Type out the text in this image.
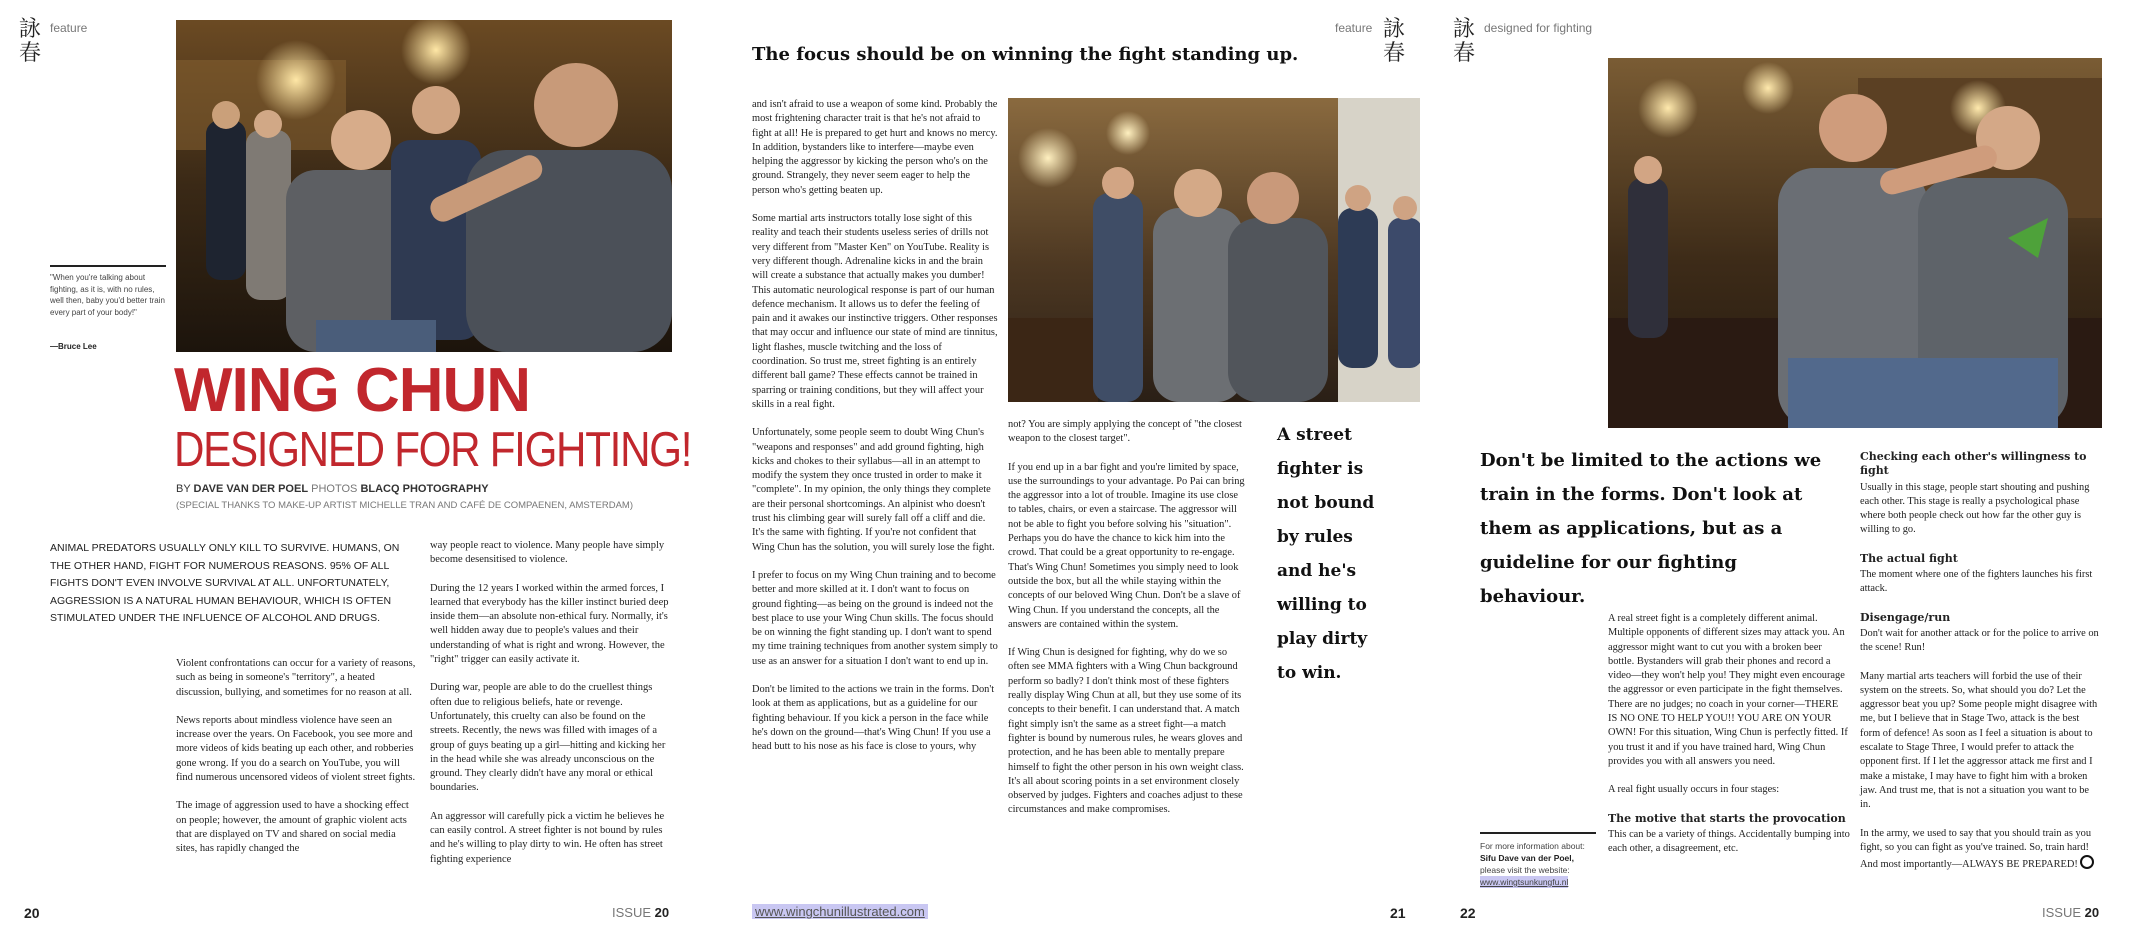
詠
春
feature
"When you're talking about fighting, as it is, with no rules, well then, baby you'd better train every part of your body!"
—Bruce Lee
WING CHUN
DESIGNED FOR FIGHTING!
BY DAVE VAN DER POEL PHOTOS BLACQ PHOTOGRAPHY
(SPECIAL THANKS TO MAKE-UP ARTIST MICHELLE TRAN AND CAFÉ DE COMPAENEN, AMSTERDAM)
ANIMAL PREDATORS USUALLY ONLY KILL TO SURVIVE. HUMANS, ON THE OTHER HAND, FIGHT FOR NUMEROUS REASONS. 95% OF ALL FIGHTS DON'T EVEN INVOLVE SURVIVAL AT ALL. UNFORTUNATELY, AGGRESSION IS A NATURAL HUMAN BEHAVIOUR, WHICH IS OFTEN STIMULATED UNDER THE INFLUENCE OF ALCOHOL AND DRUGS.

Violent confrontations can occur for a variety of reasons, such as being in someone's "territory", a heated discussion, bullying, and sometimes for no reason at all.

News reports about mindless violence have seen an increase over the years. On Facebook, you see more and more videos of kids beating up each other, and robberies gone wrong. If you do a search on YouTube, you will find numerous uncensored videos of violent street fights.

The image of aggression used to have a shocking effect on people; however, the amount of graphic violent acts that are displayed on TV and shared on social media sites, has rapidly changed the

way people react to violence. Many people have simply become desensitised to violence.

During the 12 years I worked within the armed forces, I learned that everybody has the killer instinct buried deep inside them—an absolute non-ethical fury. Normally, it's well hidden away due to people's values and their understanding of what is right and wrong. However, the "right" trigger can easily activate it.

During war, people are able to do the cruellest things often due to religious beliefs, hate or revenge. Unfortunately, this cruelty can also be found on the streets. Recently, the news was filled with images of a group of guys beating up a girl—hitting and kicking her in the head while she was already unconscious on the ground. They clearly didn't have any moral or ethical boundaries.

An aggressor will carefully pick a victim he believes he can easily control. A street fighter is not bound by rules and he's willing to play dirty to win. He often has street fighting experience

20	ISSUE 20
feature 詠
春
The focus should be on winning the fight standing up.

and isn't afraid to use a weapon of some kind. Probably the most frightening character trait is that he's not afraid to fight at all! He is prepared to get hurt and knows no mercy. In addition, bystanders like to interfere—maybe even helping the aggressor by kicking the person who's on the ground. Strangely, they never seem eager to help the person who's getting beaten up.

Some martial arts instructors totally lose sight of this reality and teach their students useless series of drills not very different from "Master Ken" on YouTube. Reality is very different though. Adrenaline kicks in and the brain will create a substance that actually makes you dumber! This automatic neurological response is part of our human defence mechanism. It allows us to defer the feeling of pain and it awakes our instinctive triggers. Other responses that may occur and influence our state of mind are tinnitus, light flashes, muscle twitching and the loss of coordination. So trust me, street fighting is an entirely different ball game? These effects cannot be trained in sparring or training conditions, but they will affect your skills in a real fight.

Unfortunately, some people seem to doubt Wing Chun's "weapons and responses" and add ground fighting, high kicks and chokes to their syllabus—all in an attempt to modify the system they once trusted in order to make it "complete". In my opinion, the only things they complete are their personal shortcomings. An alpinist who doesn't trust his climbing gear will surely fall off a cliff and die. It's the same with fighting. If you're not confident that Wing Chun has the solution, you will surely lose the fight.

I prefer to focus on my Wing Chun training and to become better and more skilled at it. I don't want to focus on ground fighting—as being on the ground is indeed not the best place to use your Wing Chun skills. The focus should be on winning the fight standing up. I don't want to spend my time training techniques from another system simply to use as an answer for a situation I don't want to end up in.

Don't be limited to the actions we train in the forms. Don't look at them as applications, but as a guideline for our fighting behaviour. If you kick a person in the face while he's down on the ground—that's Wing Chun! If you use a head butt to his nose as his face is close to yours, why

not? You are simply applying the concept of "the closest weapon to the closest target".

If you end up in a bar fight and you're limited by space, use the surroundings to your advantage. Po Pai can bring the aggressor into a lot of trouble. Imagine its use close to tables, chairs, or even a staircase. The aggressor will not be able to fight you before solving his "situation". Perhaps you do have the chance to kick him into the crowd. That could be a great opportunity to re-engage. That's Wing Chun! Sometimes you simply need to look outside the box, but all the while staying within the concepts of our beloved Wing Chun. Don't be a slave of Wing Chun. If you understand the concepts, all the answers are contained within the system.

If Wing Chun is designed for fighting, why do we so often see MMA fighters with a Wing Chun background perform so badly? I don't think most of these fighters really display Wing Chun at all, but they use some of its concepts to their benefit. I can understand that. A match fight simply isn't the same as a street fight—a match fighter is bound by numerous rules, he wears gloves and protection, and he has been able to mentally prepare himself to fight the other person in his own weight class. It's all about scoring points in a set environment closely observed by judges. Fighters and coaches adjust to these circumstances and make compromises.

A street fighter is not bound by rules and he's willing to play dirty to win.
www.wingchunillustrated.com	21
詠
春
designed for fighting
Don't be limited to the actions we train in the forms. Don't look at them as applications, but as a guideline for our fighting behaviour.

A real street fight is a completely different animal. Multiple opponents of different sizes may attack you. An aggressor might want to cut you with a broken beer bottle. Bystanders will grab their phones and record a video—they won't help you! They might even encourage the aggressor or even participate in the fight themselves. There are no judges; no coach in your corner—THERE IS NO ONE TO HELP YOU!! YOU ARE ON YOUR OWN! For this situation, Wing Chun is perfectly fitted. If you trust it and if you have trained hard, Wing Chun provides you with all answers you need.

A real fight usually occurs in four stages:

The motive that starts the provocation

This can be a variety of things. Accidentally bumping into each other, a disagreement, etc.

Checking each other's willingness to fight

Usually in this stage, people start shouting and pushing each other. This stage is really a psychological phase where both people check out how far the other guy is willing to go.

The actual fight

The moment where one of the fighters launches his first attack.

Disengage/run

Don't wait for another attack or for the police to arrive on the scene! Run!

Many martial arts teachers will forbid the use of their system on the streets. So, what should you do? Let the aggressor beat you up? Some people might disagree with me, but I believe that in Stage Two, attack is the best form of defence! As soon as I feel a situation is about to escalate to Stage Three, I would prefer to attack the opponent first. If I let the aggressor attack me first and I make a mistake, I may have to fight him with a broken jaw. And trust me, that is not a situation you want to be in.

In the army, we used to say that you should train as you fight, so you can fight as you've trained. So, train hard! And most importantly—ALWAYS BE PREPARED!

For more information about:
Sifu Dave van der Poel,
please visit the website:
www.wingtsunkungfu.nl
22	ISSUE 20
